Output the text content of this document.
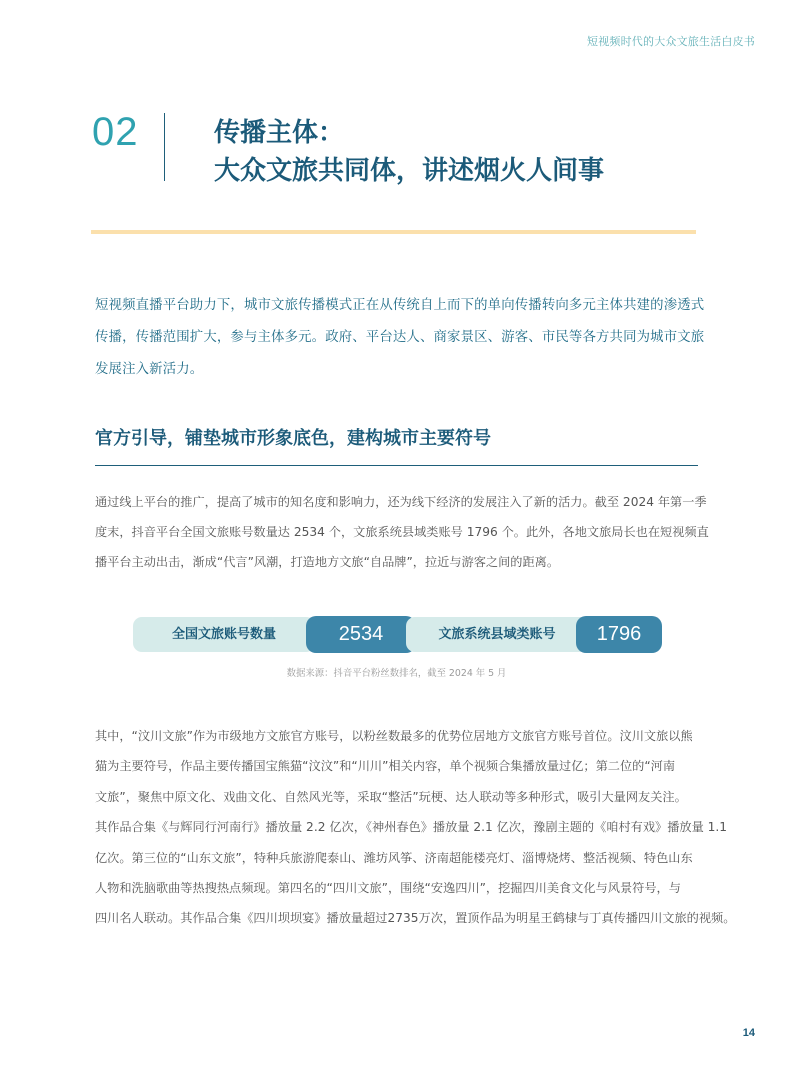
短视频时代的大众文旅生活白皮书
02	传播主体：
大众文旅共同体，讲述烟火人间事
短视频直播平台助力下，城市文旅传播模式正在从传统自上而下的单向传播转向多元主体共建的渗透式
传播，传播范围扩大，参与主体多元。政府、平台达人、商家景区、游客、市民等各方共同为城市文旅
发展注入新活力。
官方引导，铺垫城市形象底色，建构城市主要符号
通过线上平台的推广，提高了城市的知名度和影响力，还为线下经济的发展注入了新的活力。截至 2024 年第一季
度末，抖音平台全国文旅账号数量达 2534 个，文旅系统县域类账号 1796 个。此外，各地文旅局长也在短视频直
播平台主动出击，渐成“代言”风潮，打造地方文旅“自品牌”，拉近与游客之间的距离。
全国文旅账号数量	2534	文旅系统县域类账号	1796
数据来源：抖音平台粉丝数排名，截至 2024 年 5 月
其中，“汶川文旅”作为市级地方文旅官方账号，以粉丝数最多的优势位居地方文旅官方账号首位。汶川文旅以熊
猫为主要符号，作品主要传播国宝熊猫“汶汶”和“川川”相关内容，单个视频合集播放量过亿；第二位的“河南
文旅”，聚焦中原文化、戏曲文化、自然风光等，采取“整活”玩梗、达人联动等多种形式，吸引大量网友关注。
其作品合集《与辉同行河南行》播放量 2.2 亿次，《神州春色》播放量 2.1 亿次，豫剧主题的《咱村有戏》播放量 1.1
亿次。第三位的“山东文旅”，特种兵旅游爬泰山、潍坊风筝、济南超能楼亮灯、淄博烧烤、整活视频、特色山东
人物和洗脑歌曲等热搜热点频现。第四名的“四川文旅”，围绕“安逸四川”，挖掘四川美食文化与风景符号，与
四川名人联动。其作品合集《四川坝坝宴》播放量超过2735万次，置顶作品为明星王鹤棣与丁真传播四川文旅的视频。
14
